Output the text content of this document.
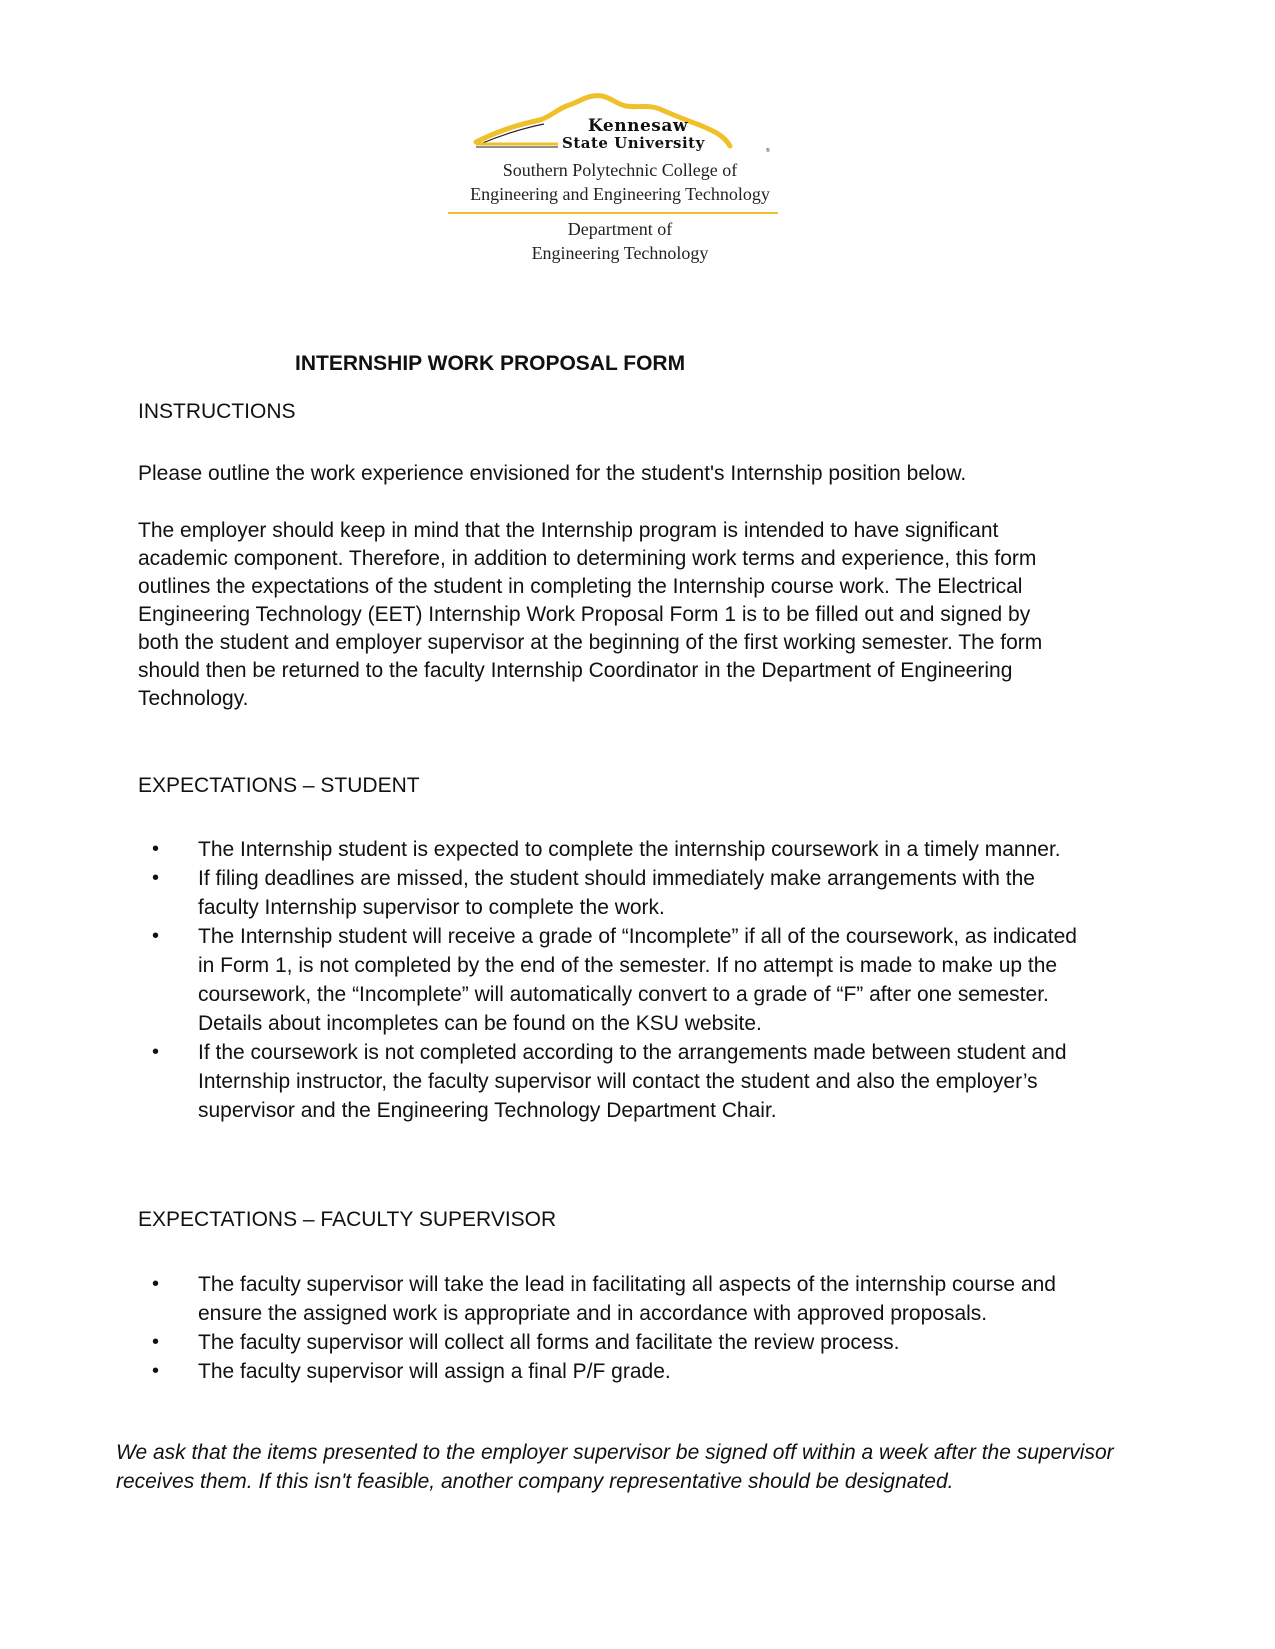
Kennesaw
State University	®
Southern Polytechnic College of
Engineering and Engineering Technology
Department of
Engineering Technology
INTERNSHIP WORK PROPOSAL FORM
INSTRUCTIONS

Please outline the work experience envisioned for the student's Internship position below.

The employer should keep in mind that the Internship program is intended to have significant academic component. Therefore, in addition to determining work terms and experience, this form outlines the expectations of the student in completing the Internship course work. The Electrical Engineering Technology (EET) Internship Work Proposal Form 1 is to be filled out and signed by both the student and employer supervisor at the beginning of the first working semester. The form should then be returned to the faculty Internship Coordinator in the Department of Engineering Technology.

EXPECTATIONS – STUDENT
• The Internship student is expected to complete the internship coursework in a timely manner.
• If filing deadlines are missed, the student should immediately make arrangements with the faculty Internship supervisor to complete the work.
• The Internship student will receive a grade of “Incomplete” if all of the coursework, as indicated in Form 1, is not completed by the end of the semester. If no attempt is made to make up the coursework, the “Incomplete” will automatically convert to a grade of “F” after one semester. Details about incompletes can be found on the KSU website.
• If the coursework is not completed according to the arrangements made between student and Internship instructor, the faculty supervisor will contact the student and also the employer’s supervisor and the Engineering Technology Department Chair.
EXPECTATIONS – FACULTY SUPERVISOR
• The faculty supervisor will take the lead in facilitating all aspects of the internship course and ensure the assigned work is appropriate and in accordance with approved proposals.
• The faculty supervisor will collect all forms and facilitate the review process.
• The faculty supervisor will assign a final P/F grade.

We ask that the items presented to the employer supervisor be signed off within a week after the supervisor receives them. If this isn't feasible, another company representative should be designated.
